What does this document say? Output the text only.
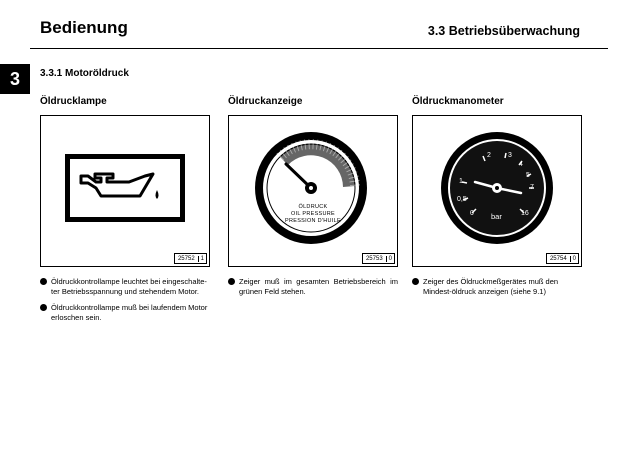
Bedienung	3.3 Betriebsüberwachung
3 3.3.1 Motoröldruck
Öldrucklampe
25752	1
Öldruckanzeige
ÖLDRUCK
OIL PRESSURE
PRESSION D'HUILE
25753	0
Öldruckmanometer
0
0,5
1
2 3
4
5
7
16
bar
25754	0
Öldruckkontrollampe leuchtet bei eingeschalte-ter Betriebsspannung und stehendem Motor.
Öldruckkontrollampe muß bei laufendem Motor erloschen sein.
Zeiger muß im gesamten Betriebsbereich im grünen Feld stehen.
Zeiger des Öldruckmeßgerätes muß den Mindest-öldruck anzeigen (siehe 9.1)
